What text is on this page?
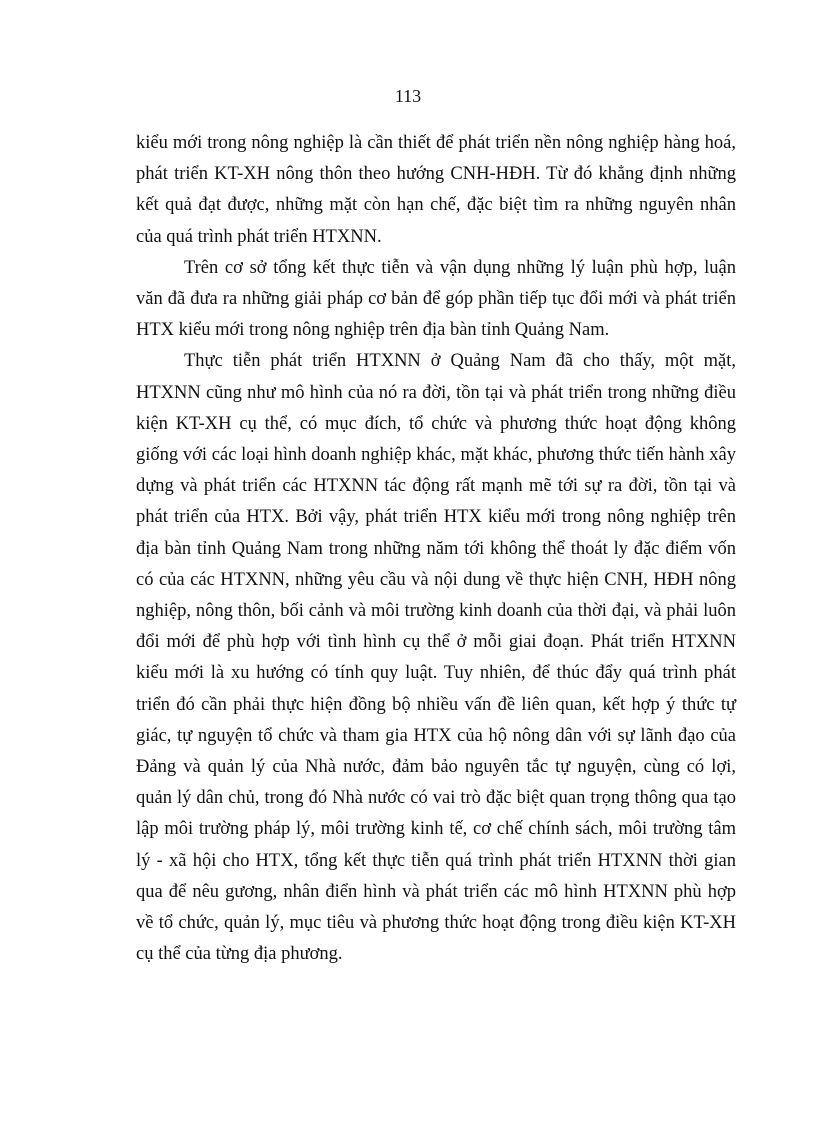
113

kiểu mới trong nông nghiệp là cần thiết để phát triển nền nông nghiệp hàng hoá, phát triển KT-XH nông thôn theo hướng CNH-HĐH. Từ đó khẳng định những kết quả đạt được, những mặt còn hạn chế, đặc biệt tìm ra những nguyên nhân của quá trình phát triển HTXNN.

Trên cơ sở tổng kết thực tiễn và vận dụng những lý luận phù hợp, luận văn đã đưa ra những giải pháp cơ bản để góp phần tiếp tục đổi mới và phát triển HTX kiểu mới trong nông nghiệp trên địa bàn tỉnh Quảng Nam.

Thực tiễn phát triển HTXNN ở Quảng Nam đã cho thấy, một mặt, HTXNN cũng như mô hình của nó ra đời, tồn tại và phát triển trong những điều kiện KT-XH cụ thể, có mục đích, tổ chức và phương thức hoạt động không giống với các loại hình doanh nghiệp khác, mặt khác, phương thức tiến hành xây dựng và phát triển các HTXNN tác động rất mạnh mẽ tới sự ra đời, tồn tại và phát triển của HTX. Bởi vậy, phát triển HTX kiểu mới trong nông nghiệp trên địa bàn tỉnh Quảng Nam trong những năm tới không thể thoát ly đặc điểm vốn có của các HTXNN, những yêu cầu và nội dung về thực hiện CNH, HĐH nông nghiệp, nông thôn, bối cảnh và môi trường kinh doanh của thời đại, và phải luôn đổi mới để phù hợp với tình hình cụ thể ở mỗi giai đoạn. Phát triển HTXNN kiểu mới là xu hướng có tính quy luật. Tuy nhiên, để thúc đẩy quá trình phát triển đó cần phải thực hiện đồng bộ nhiều vấn đề liên quan, kết hợp ý thức tự giác, tự nguyện tổ chức và tham gia HTX của hộ nông dân với sự lãnh đạo của Đảng và quản lý của Nhà nước, đảm bảo nguyên tắc tự nguyện, cùng có lợi, quản lý dân chủ, trong đó Nhà nước có vai trò đặc biệt quan trọng thông qua tạo lập môi trường pháp lý, môi trường kinh tế, cơ chế chính sách, môi trường tâm lý - xã hội cho HTX, tổng kết thực tiễn quá trình phát triển HTXNN thời gian qua để nêu gương, nhân điển hình và phát triển các mô hình HTXNN phù hợp về tổ chức, quản lý, mục tiêu và phương thức hoạt động trong điều kiện KT-XH cụ thể của từng địa phương.
